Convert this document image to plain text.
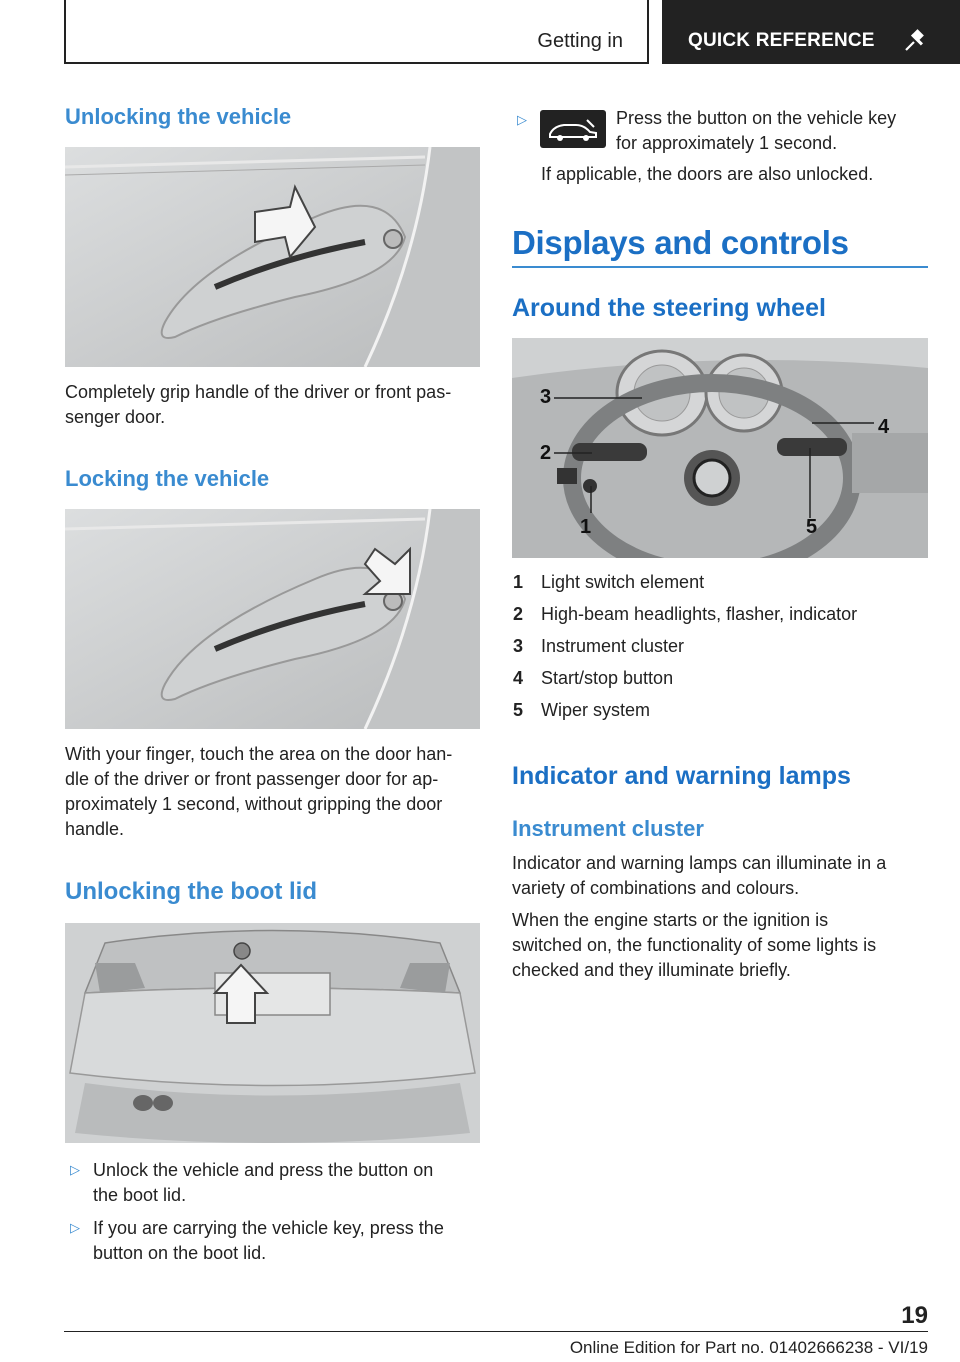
Getting in	QUICK REFERENCE
Unlocking the vehicle
Completely grip handle of the driver or front pas-
senger door.
Locking the vehicle
With your finger, touch the area on the door han-
dle of the driver or front passenger door for ap-
proximately 1 second, without gripping the door
handle.
Unlocking the boot lid
▷ Unlock the vehicle and press the button on
the boot lid.
▷ If you are carrying the vehicle key, press the
button on the boot lid.
▷	Press the button on the vehicle key
for approximately 1 second.
If applicable, the doors are also unlocked.
Displays and controls
Around the steering wheel
3
2
1
4
5
1 Light switch element
2 High-beam headlights, flasher, indicator
3 Instrument cluster
4 Start/stop button
5 Wiper system
Indicator and warning lamps
Instrument cluster
Indicator and warning lamps can illuminate in a
variety of combinations and colours.
When the engine starts or the ignition is
switched on, the functionality of some lights is
checked and they illuminate briefly.
19
Online Edition for Part no. 01402666238 - VI/19
